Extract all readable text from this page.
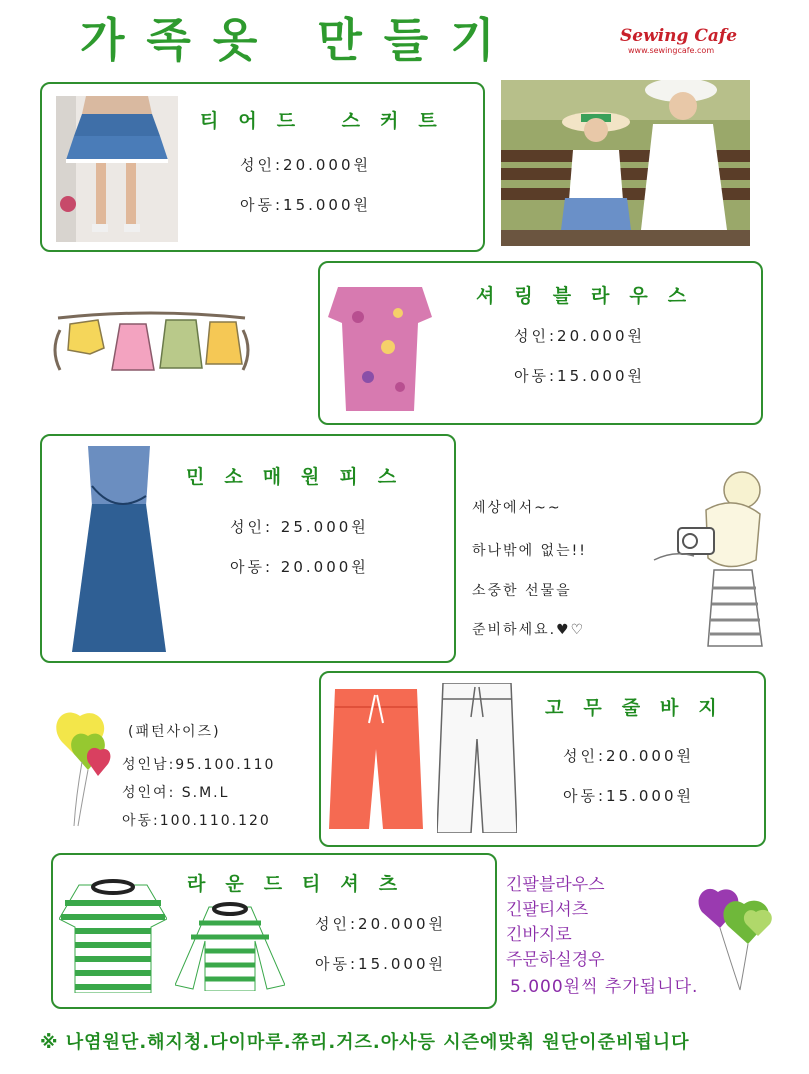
가족옷 만들기	Sewing Cafe
www.sewingcafe.com
티어드 스커트
성인:20.000원
아동:15.000원
셔링블라우스
성인:20.000원
아동:15.000원
민소매원피스
성인: 25.000원
아동: 20.000원
세상에서~~
하나밖에 없는!!
소중한 선물을
준비하세요.♥♡
(패턴사이즈)
성인남:95.100.110
성인여: S.M.L
아동:100.110.120
고무줄바지
성인:20.000원
아동:15.000원
라운드티셔츠
성인:20.000원
아동:15.000원
긴팔블라우스
긴팔티셔츠
긴바지로
주문하실경우
5.000원씩 추가됩니다.
※ 나염원단.해지청.다이마루.쮸리.거즈.아사등 시즌에맞춰 원단이준비됩니다
